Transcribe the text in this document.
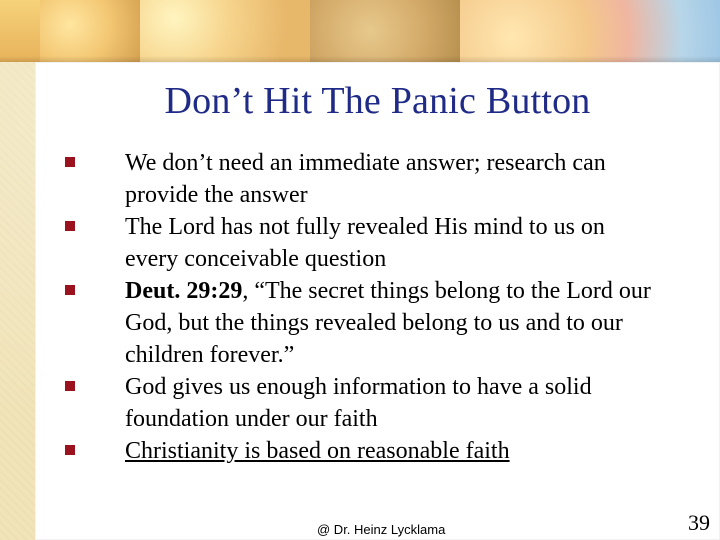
Don’t Hit The Panic Button
We don’t need an immediate answer; research can provide the answer
The Lord has not fully revealed His mind to us on every conceivable question
Deut. 29:29, “The secret things belong to the Lord our God, but the things revealed belong to us and to our children forever.”
God gives us enough information to have a solid foundation under our faith
Christianity is based on reasonable faith
@ Dr. Heinz Lycklama	39
